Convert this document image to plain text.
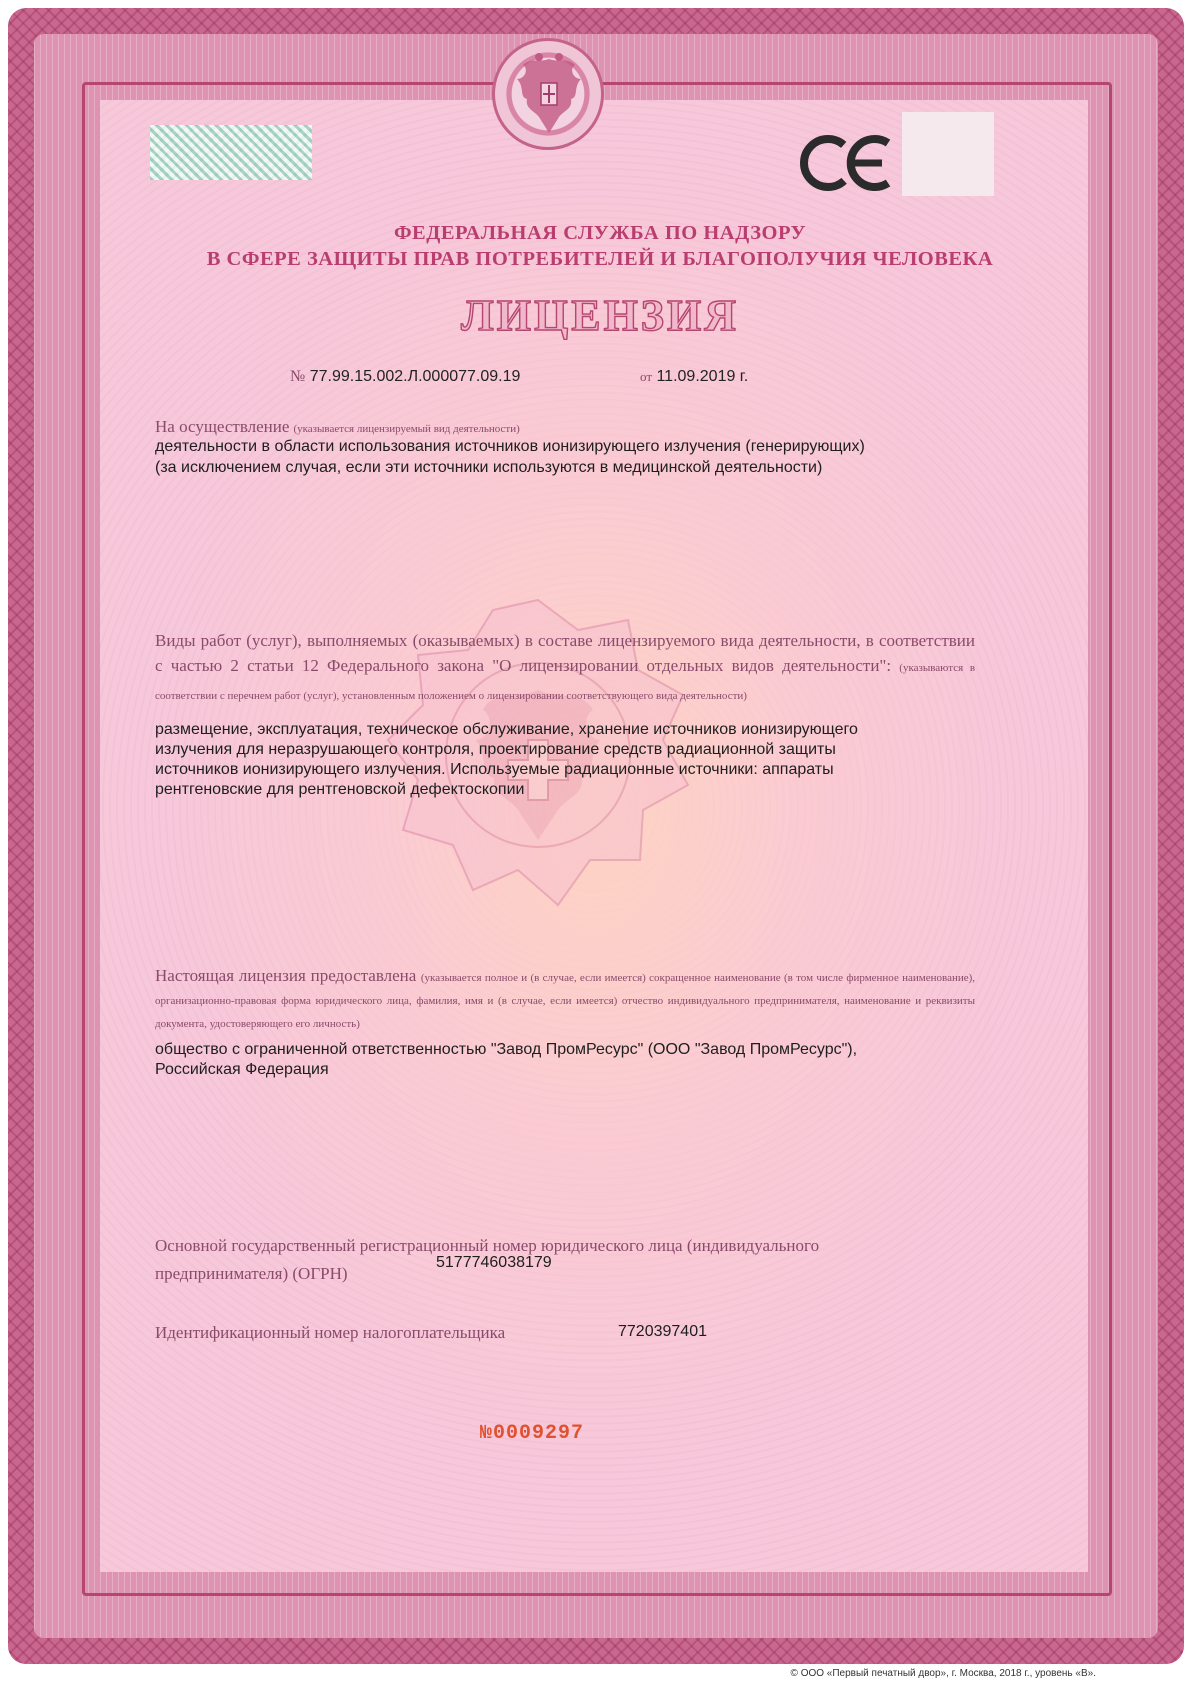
ФЕДЕРАЛЬНАЯ СЛУЖБА ПО НАДЗОРУ
В СФЕРЕ ЗАЩИТЫ ПРАВ ПОТРЕБИТЕЛЕЙ И БЛАГОПОЛУЧИЯ ЧЕЛОВЕКА
ЛИЦЕНЗИЯ
№ 77.99.15.002.Л.000077.09.19	от 11.09.2019 г.
На осуществление (указывается лицензируемый вид деятельности)
деятельности в области использования источников ионизирующего излучения (генерирующих)
(за исключением случая, если эти источники используются в медицинской деятельности)
Виды работ (услуг), выполняемых (оказываемых) в составе лицензируемого вида деятельности, в соответствии с частью 2 статьи 12 Федерального закона "О лицензировании отдельных видов деятельности": (указываются в соответствии с перечнем работ (услуг), установленным положением о лицензировании соответствующего вида деятельности)
размещение, эксплуатация, техническое обслуживание, хранение источников ионизирующего
излучения для неразрушающего контроля, проектирование средств радиационной защиты
источников ионизирующего излучения. Используемые радиационные источники: аппараты
рентгеновские для рентгеновской дефектоскопии
Настоящая лицензия предоставлена (указывается полное и (в случае, если имеется) сокращенное наименование (в том числе фирменное наименование), организационно-правовая форма юридического лица, фамилия, имя и (в случае, если имеется) отчество индивидуального предпринимателя, наименование и реквизиты документа, удостоверяющего его личность)
общество с ограниченной ответственностью "Завод ПромРесурс" (ООО "Завод ПромРесурс"),
Российская Федерация
Основной государственный регистрационный номер юридического лица (индивидуального
предпринимателя) (ОГРН)
5177746038179
Идентификационный номер налогоплательщика	7720397401
№0009297
© ООО «Первый печатный двор», г. Москва, 2018 г., уровень «В».
